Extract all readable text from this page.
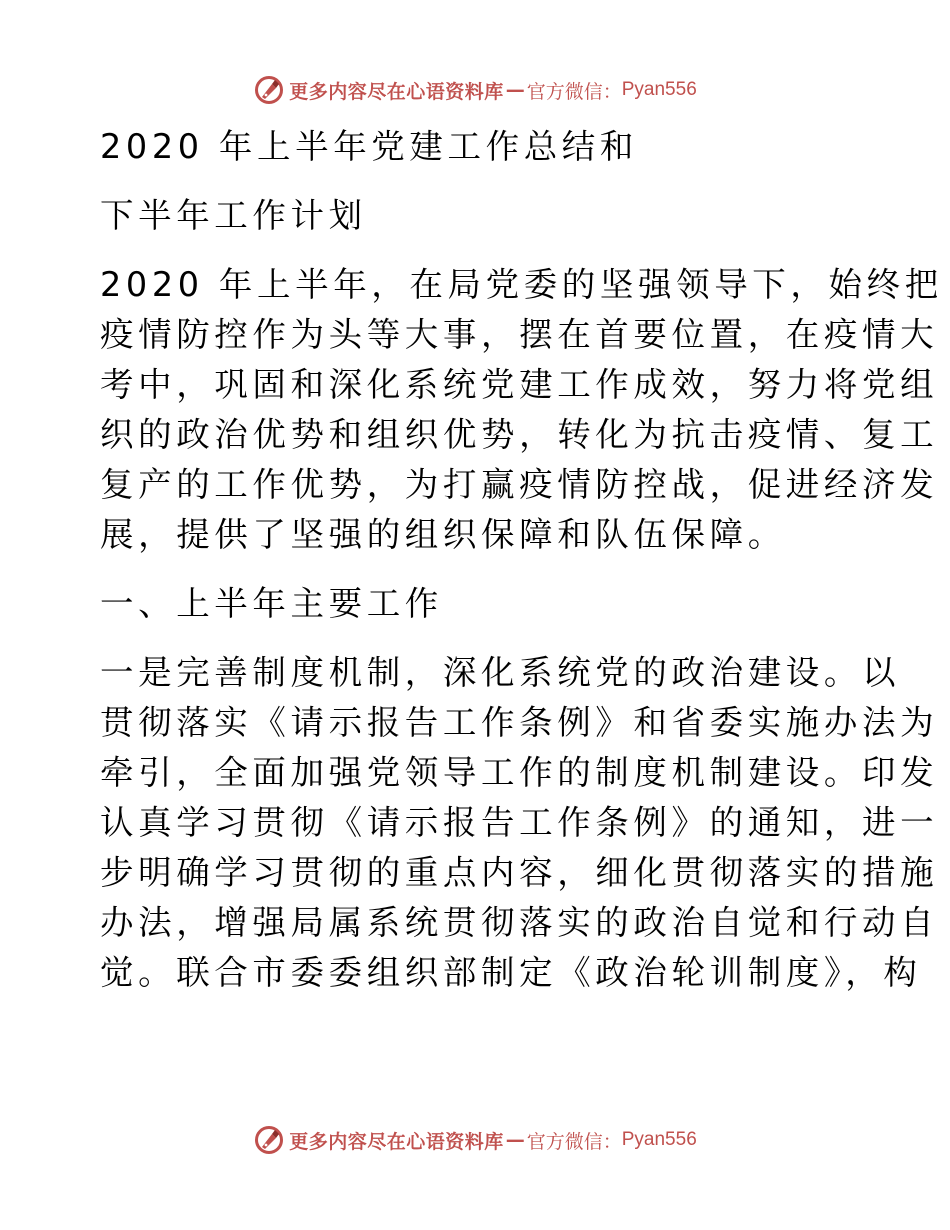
更多内容尽在心语资料库 — 官方微信： Pyan556
2020 年上半年党建工作总结和
下半年工作计划
2020 年上半年，在局党委的坚强领导下，始终把
疫情防控作为头等大事，摆在首要位置，在疫情大
考中，巩固和深化系统党建工作成效，努力将党组
织的政治优势和组织优势，转化为抗击疫情、复工
复产的工作优势，为打赢疫情防控战，促进经济发
展，提供了坚强的组织保障和队伍保障。
一、上半年主要工作
一是完善制度机制，深化系统党的政治建设。以
贯彻落实《请示报告工作条例》和省委实施办法为
牵引，全面加强党领导工作的制度机制建设。印发
认真学习贯彻《请示报告工作条例》的通知，进一
步明确学习贯彻的重点内容，细化贯彻落实的措施
办法，增强局属系统贯彻落实的政治自觉和行动自
觉。联合市委委组织部制定《政治轮训制度》，构
更多内容尽在心语资料库 — 官方微信： Pyan556
